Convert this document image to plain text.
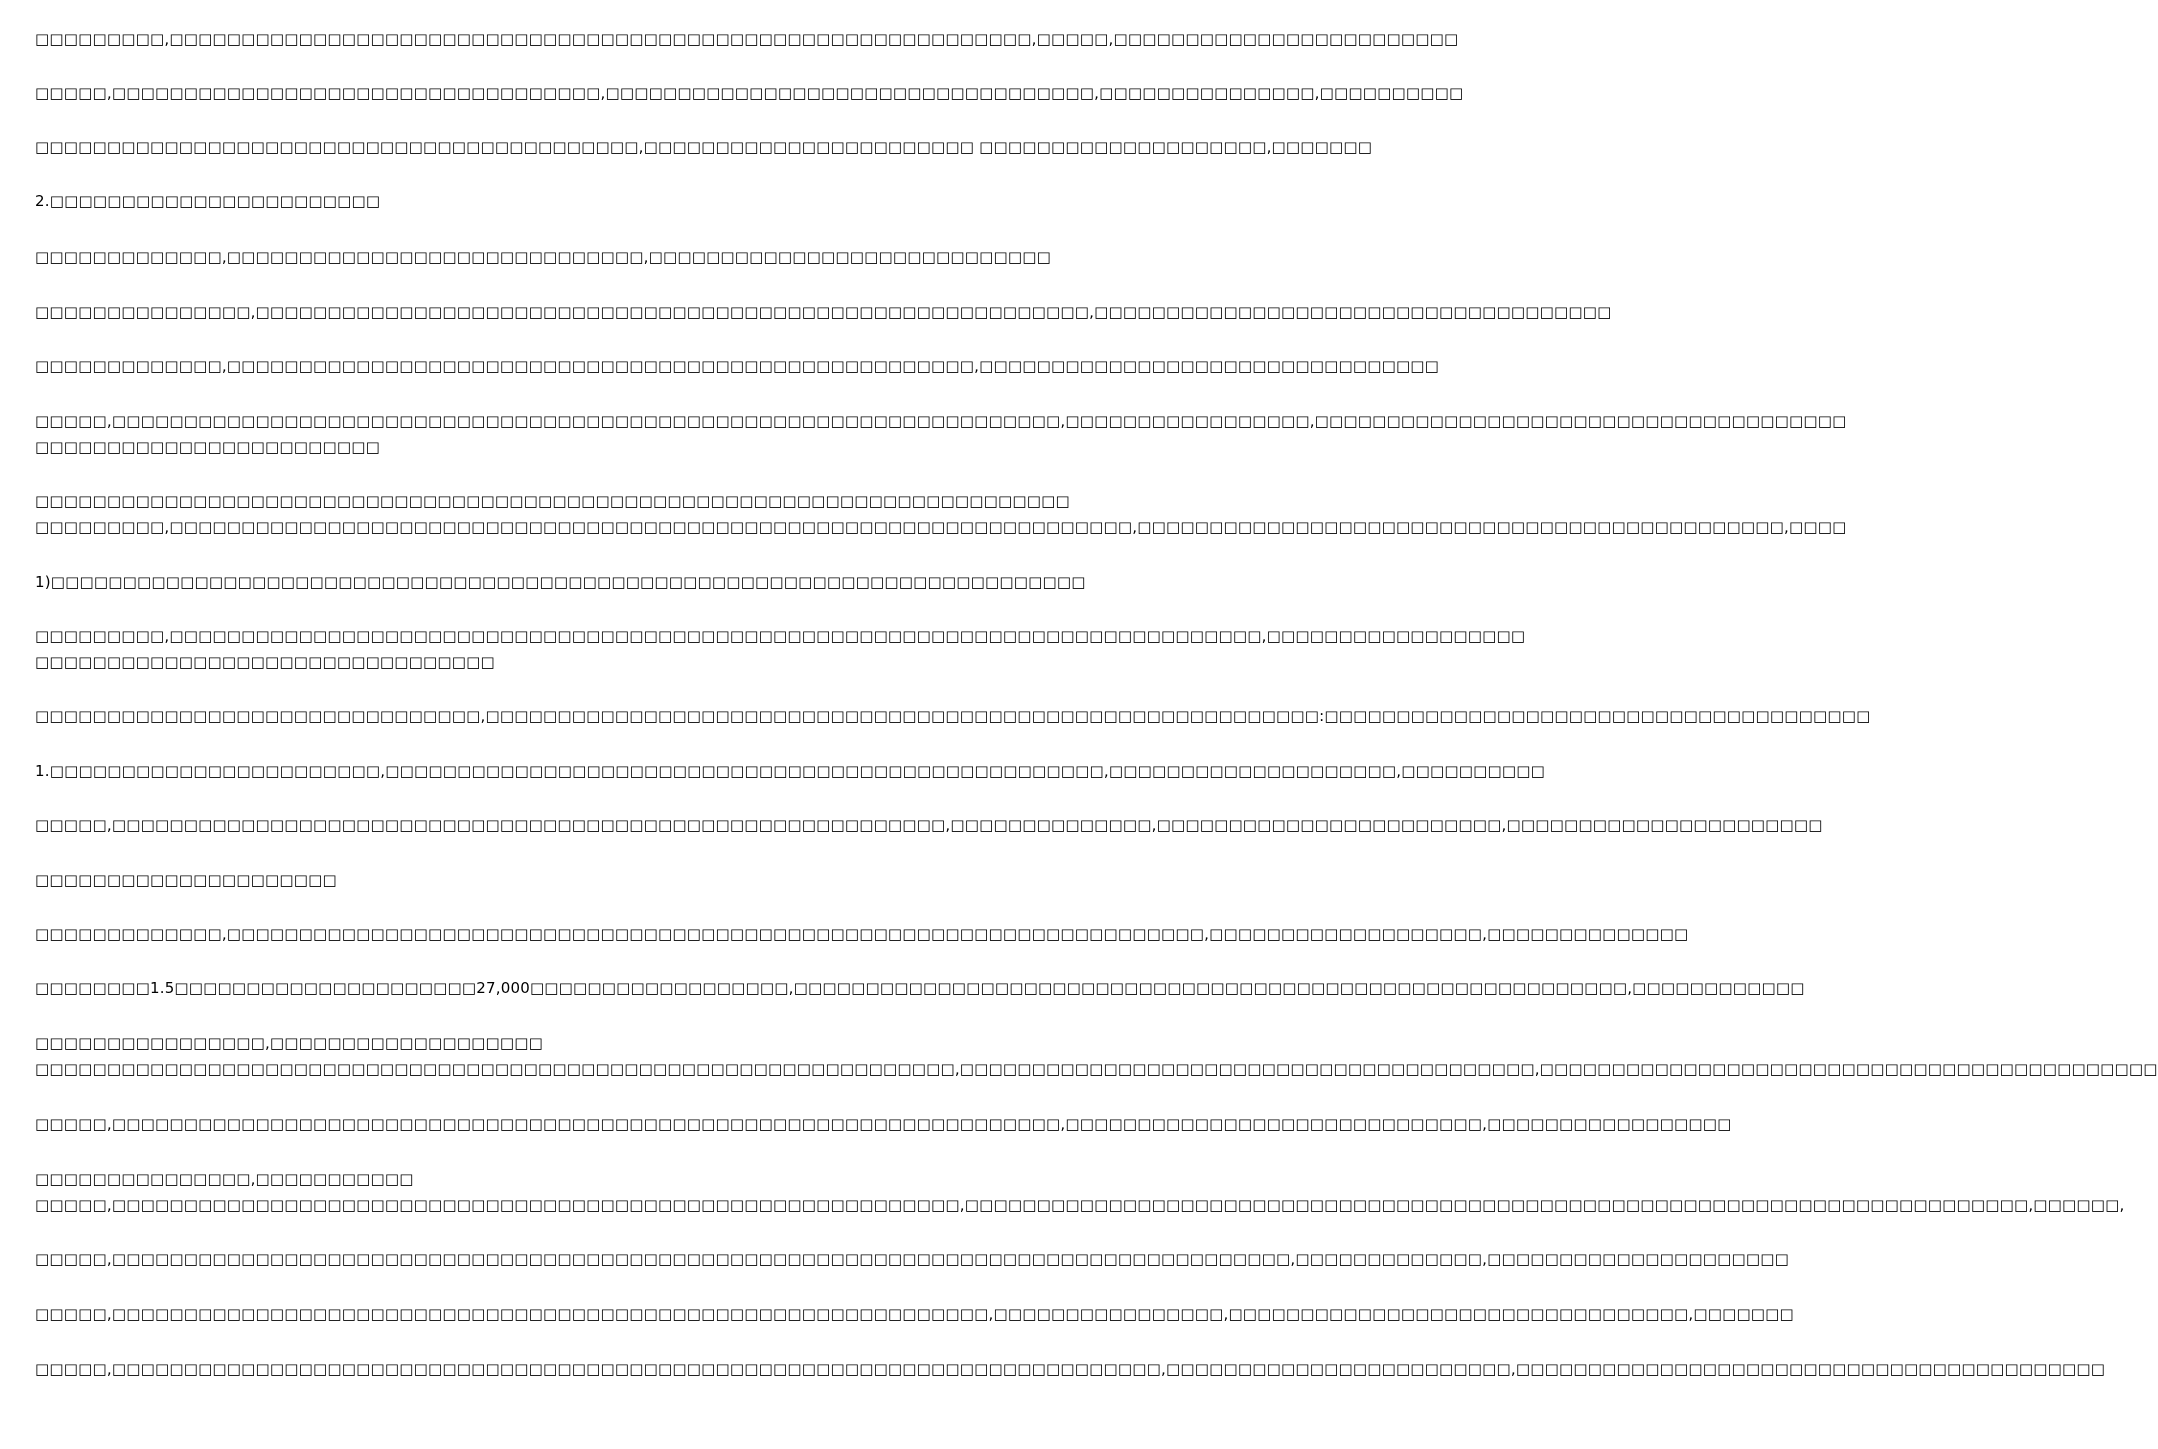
□□□□□□□□□,□□□□□□□□□□□□□□□□□□□□□□□□□□□□□□□□□□□□□□□□□□□□□□□□□□□□□□□□□□□□,□□□□□,□□□□□□□□□□□□□□□□□□□□□□□□
□□□□□,□□□□□□□□□□□□□□□□□□□□□□□□□□□□□□□□□□,□□□□□□□□□□□□□□□□□□□□□□□□□□□□□□□□□□,□□□□□□□□□□□□□□□,□□□□□□□□□□
□□□□□□□□□□□□□□□□□□□□□□□□□□□□□□□□□□□□□□□□□□,□□□□□□□□□□□□□□□□□□□□□□□ □□□□□□□□□□□□□□□□□□□□,□□□□□□□
2.□□□□□□□□□□□□□□□□□□□□□□□
□□□□□□□□□□□□□,□□□□□□□□□□□□□□□□□□□□□□□□□□□□□,□□□□□□□□□□□□□□□□□□□□□□□□□□□□
□□□□□□□□□□□□□□□,□□□□□□□□□□□□□□□□□□□□□□□□□□□□□□□□□□□□□□□□□□□□□□□□□□□□□□□□□□,□□□□□□□□□□□□□□□□□□□□□□□□□□□□□□□□□□□□
□□□□□□□□□□□□□,□□□□□□□□□□□□□□□□□□□□□□□□□□□□□□□□□□□□□□□□□□□□□□□□□□□□,□□□□□□□□□□□□□□□□□□□□□□□□□□□□□□□□
□□□□□,□□□□□□□□□□□□□□□□□□□□□□□□□□□□□□□□□□□□□□□□□□□□□□□□□□□□□□□□□□□□□□□□□□,□□□□□□□□□□□□□□□□□,□□□□□□□□□□□□□□□□□□□□□□□□□□□□□□□□□□□□□
□□□□□□□□□□□□□□□□□□□□□□□□
□□□□□□□□□□□□□□□□□□□□□□□□□□□□□□□□□□□□□□□□□□□□□□□□□□□□□□□□□□□□□□□□□□□□□□□□
□□□□□□□□□,□□□□□□□□□□□□□□□□□□□□□□□□□□□□□□□□□□□□□□□□□□□□□□□□□□□□□□□□□□□□□□□□□□□,□□□□□□□□□□□□□□□□□□□□□□□□□□□□□□□□□□□□□□□□□□□□□,□□□□
1)□□□□□□□□□□□□□□□□□□□□□□□□□□□□□□□□□□□□□□□□□□□□□□□□□□□□□□□□□□□□□□□□□□□□□□□□
□□□□□□□□□,□□□□□□□□□□□□□□□□□□□□□□□□□□□□□□□□□□□□□□□□□□□□□□□□□□□□□□□□□□□□□□□□□□□□□□□□□□□□,□□□□□□□□□□□□□□□□□□
□□□□□□□□□□□□□□□□□□□□□□□□□□□□□□□□
□□□□□□□□□□□□□□□□□□□□□□□□□□□□□□□,□□□□□□□□□□□□□□□□□□□□□□□□□□□□□□□□□□□□□□□□□□□□□□□□□□□□□□□□□□:□□□□□□□□□□□□□□□□□□□□□□□□□□□□□□□□□□□□□□
1.□□□□□□□□□□□□□□□□□□□□□□□,□□□□□□□□□□□□□□□□□□□□□□□□□□□□□□□□□□□□□□□□□□□□□□□□□□,□□□□□□□□□□□□□□□□□□□□,□□□□□□□□□□
□□□□□,□□□□□□□□□□□□□□□□□□□□□□□□□□□□□□□□□□□□□□□□□□□□□□□□□□□□□□□□□□,□□□□□□□□□□□□□□,□□□□□□□□□□□□□□□□□□□□□□□□,□□□□□□□□□□□□□□□□□□□□□□
□□□□□□□□□□□□□□□□□□□□□
□□□□□□□□□□□□□,□□□□□□□□□□□□□□□□□□□□□□□□□□□□□□□□□□□□□□□□□□□□□□□□□□□□□□□□□□□□□□□□□□□□,□□□□□□□□□□□□□□□□□□□,□□□□□□□□□□□□□□
□□□□□□□□1.5□□□□□□□□□□□□□□□□□□□□□27,000□□□□□□□□□□□□□□□□□□,□□□□□□□□□□□□□□□□□□□□□□□□□□□□□□□□□□□□□□□□□□□□□□□□□□□□□□□□□□,□□□□□□□□□□□□
□□□□□□□□□□□□□□□□,□□□□□□□□□□□□□□□□□□□
□□□□□□□□□□□□□□□□□□□□□□□□□□□□□□□□□□□□□□□□□□□□□□□□□□□□□□□□□□□□□□□□,□□□□□□□□□□□□□□□□□□□□□□□□□□□□□□□□□□□□□□□□,□□□□□□□□□□□□□□□□□□□□□□□□□□□□□□□□□□□□□□□□□□□
□□□□□,□□□□□□□□□□□□□□□□□□□□□□□□□□□□□□□□□□□□□□□□□□□□□□□□□□□□□□□□□□□□□□□□□□,□□□□□□□□□□□□□□□□□□□□□□□□□□□□□,□□□□□□□□□□□□□□□□□
□□□□□□□□□□□□□□□,□□□□□□□□□□□
□□□□□,□□□□□□□□□□□□□□□□□□□□□□□□□□□□□□□□□□□□□□□□□□□□□□□□□□□□□□□□□□□,□□□□□□□□□□□□□□□□□□□□□□□□□□□□□□□□□□□□□□□□□□□□□□□□□□□□□□□□□□□□□□□□□□□□□□□□□□,□□□□□□,
□□□□□,□□□□□□□□□□□□□□□□□□□□□□□□□□□□□□□□□□□□□□□□□□□□□□□□□□□□□□□□□□□□□□□□□□□□□□□□□□□□□□□□□□,□□□□□□□□□□□□□,□□□□□□□□□□□□□□□□□□□□□
□□□□□,□□□□□□□□□□□□□□□□□□□□□□□□□□□□□□□□□□□□□□□□□□□□□□□□□□□□□□□□□□□□□,□□□□□□□□□□□□□□□□,□□□□□□□□□□□□□□□□□□□□□□□□□□□□□□□□,□□□□□□□
□□□□□,□□□□□□□□□□□□□□□□□□□□□□□□□□□□□□□□□□□□□□□□□□□□□□□□□□□□□□□□□□□□□□□□□□□□□□□□□,□□□□□□□□□□□□□□□□□□□□□□□□,□□□□□□□□□□□□□□□□□□□□□□□□□□□□□□□□□□□□□□□□□
